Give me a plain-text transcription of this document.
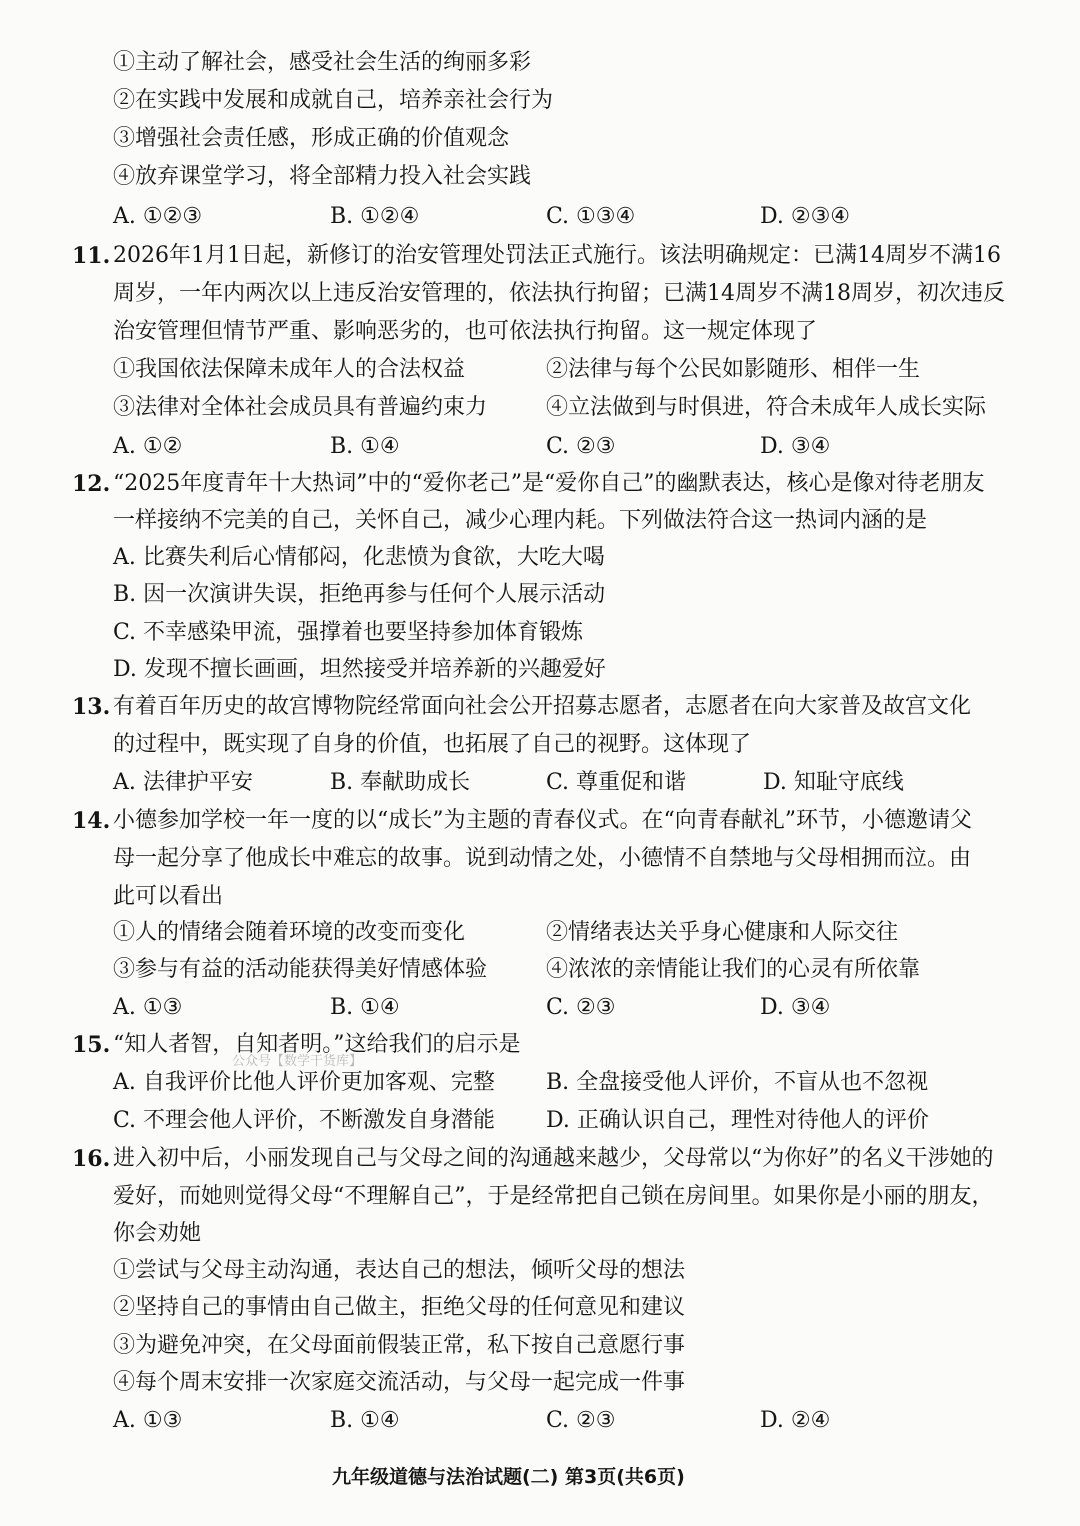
①主动了解社会，感受社会生活的绚丽多彩
②在实践中发展和成就自己，培养亲社会行为
③增强社会责任感，形成正确的价值观念
④放弃课堂学习，将全部精力投入社会实践
A. ①②③	B. ①②④	C. ①③④	D. ②③④
11. 2026年1月1日起，新修订的治安管理处罚法正式施行。该法明确规定：已满14周岁不满16
周岁，一年内两次以上违反治安管理的，依法执行拘留；已满14周岁不满18周岁，初次违反
治安管理但情节严重、影响恶劣的，也可依法执行拘留。这一规定体现了
①我国依法保障未成年人的合法权益	②法律与每个公民如影随形、相伴一生
③法律对全体社会成员具有普遍约束力	④立法做到与时俱进，符合未成年人成长实际
A. ①②	B. ①④	C. ②③	D. ③④
12. “2025年度青年十大热词”中的“爱你老己”是“爱你自己”的幽默表达，核心是像对待老朋友
一样接纳不完美的自己，关怀自己，减少心理内耗。下列做法符合这一热词内涵的是
A. 比赛失利后心情郁闷，化悲愤为食欲，大吃大喝
B. 因一次演讲失误，拒绝再参与任何个人展示活动
C. 不幸感染甲流，强撑着也要坚持参加体育锻炼
D. 发现不擅长画画，坦然接受并培养新的兴趣爱好
13. 有着百年历史的故宫博物院经常面向社会公开招募志愿者，志愿者在向大家普及故宫文化
的过程中，既实现了自身的价值，也拓展了自己的视野。这体现了
A. 法律护平安	B. 奉献助成长	C. 尊重促和谐	D. 知耻守底线
14. 小德参加学校一年一度的以“成长”为主题的青春仪式。在“向青春献礼”环节，小德邀请父
母一起分享了他成长中难忘的故事。说到动情之处，小德情不自禁地与父母相拥而泣。由
此可以看出
①人的情绪会随着环境的改变而变化	②情绪表达关乎身心健康和人际交往
③参与有益的活动能获得美好情感体验	④浓浓的亲情能让我们的心灵有所依靠
A. ①③	B. ①④	C. ②③	D. ③④
15. “知人者智，自知者明。”这给我们的启示是
公众号【数学干货库】
A. 自我评价比他人评价更加客观、完整 B. 全盘接受他人评价，不盲从也不忽视
C. 不理会他人评价，不断激发自身潜能 D. 正确认识自己，理性对待他人的评价
16. 进入初中后，小丽发现自己与父母之间的沟通越来越少，父母常以“为你好”的名义干涉她的
爱好，而她则觉得父母“不理解自己”，于是经常把自己锁在房间里。如果你是小丽的朋友，
你会劝她
①尝试与父母主动沟通，表达自己的想法，倾听父母的想法
②坚持自己的事情由自己做主，拒绝父母的任何意见和建议
③为避免冲突，在父母面前假装正常，私下按自己意愿行事
④每个周末安排一次家庭交流活动，与父母一起完成一件事
A. ①③	B. ①④	C. ②③	D. ②④
九年级道德与法治试题(二) 第3页(共6页)
